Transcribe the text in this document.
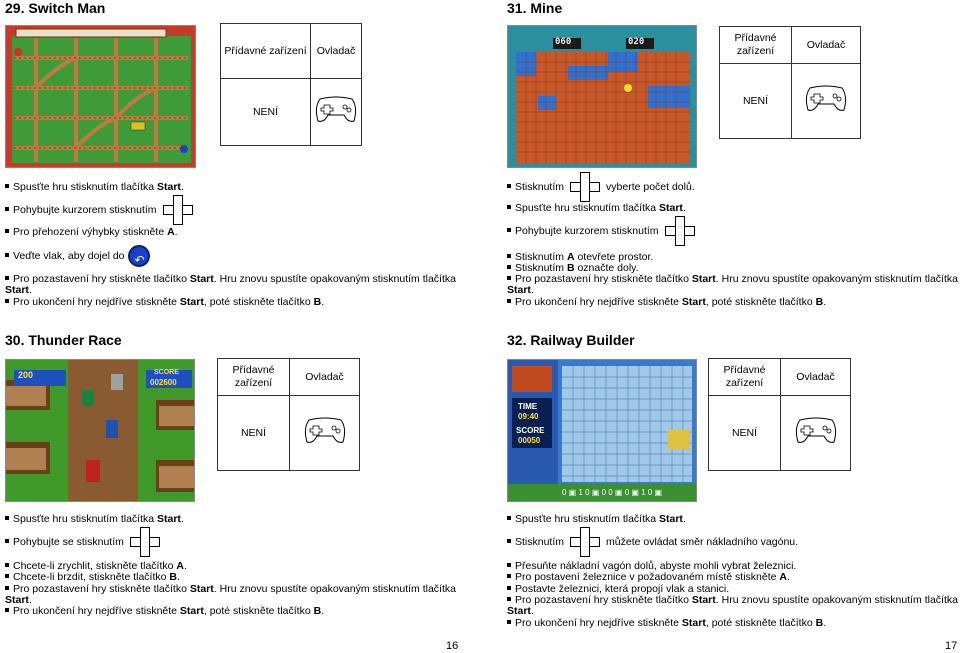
29. Switch Man	31. Mine
30. Thunder Race	32. Railway Builder
060	020
200	SCORE
002600
TIME
09:40
SCORE
00050
0 ▣ 1 0 ▣ 0 0 ▣ 0 ▣ 1 0 ▣
Přídavné zařízení	Ovladač
NENÍ	
Přídavné zařízení	Ovladač
NENÍ	
Přídavné zařízení	Ovladač
NENÍ	
Přídavné zařízení	Ovladač
NENÍ	
Spusťte hru stisknutím tlačítka Start.
Pohybujte kurzorem stisknutím
Pro přehození výhybky stiskněte A.
Veďte vlak, aby dojel do↶
Pro pozastavení hry stiskněte tlačítko Start. Hru znovu spustíte opakovaným stisknutím tlačítka
Start.
Pro ukončení hry nejdříve stiskněte Start, poté stiskněte tlačítko B.
Stisknutím	vyberte počet dolů.
Spusťte hru stisknutím tlačítka Start.
Pohybujte kurzorem stisknutím
Stisknutím A otevřete prostor.
Stisknutím B označte doly.
Pro pozastavení hry stiskněte tlačítko Start. Hru znovu spustíte opakovaným stisknutím tlačítka
Start.
Pro ukončení hry nejdříve stiskněte Start, poté stiskněte tlačítko B.
Spusťte hru stisknutím tlačítka Start.
Pohybujte se stisknutím
Chcete-li zrychlit, stiskněte tlačítko A.
Chcete-li brzdit, stiskněte tlačítko B.
Pro pozastavení hry stiskněte tlačítko Start. Hru znovu spustíte opakovaným stisknutím tlačítka
Start.
Pro ukončení hry nejdříve stiskněte Start, poté stiskněte tlačítko B.
Spusťte hru stisknutím tlačítka Start.
Stisknutím	můžete ovládat směr nákladního vagónu.
Přesuňte nákladní vagón dolů, abyste mohli vybrat železnici.
Pro postavení železnice v požadovaném místě stiskněte A.
Postavte železnici, která propojí vlak a stanici.
Pro pozastavení hry stiskněte tlačítko Start. Hru znovu spustíte opakovaným stisknutím tlačítka
Start.
Pro ukončení hry nejdříve stiskněte Start, poté stiskněte tlačítko B.
16	17
